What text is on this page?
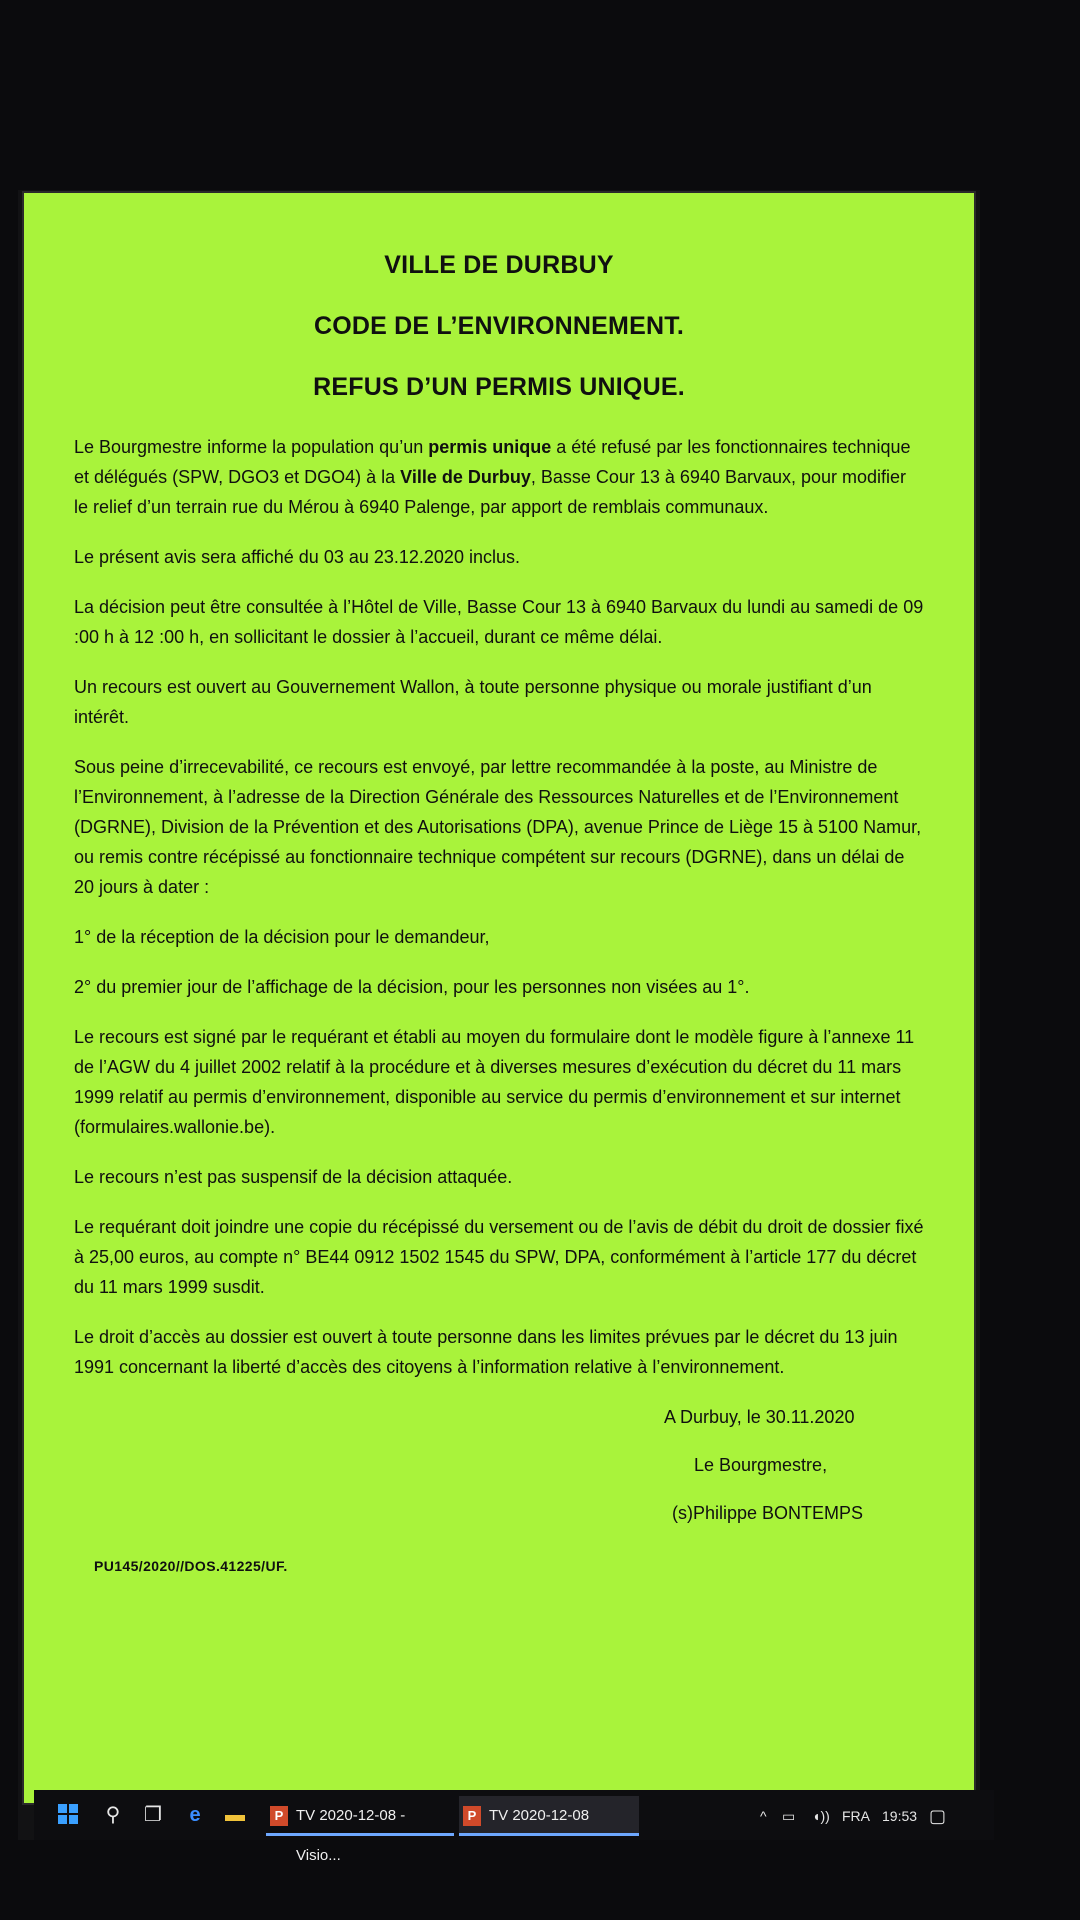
VILLE DE DURBUY

CODE DE L’ENVIRONNEMENT.

REFUS D’UN PERMIS UNIQUE.

Le Bourgmestre informe la population qu’un permis unique a été refusé par les fonctionnaires technique et délégués (SPW, DGO3 et DGO4) à la Ville de Durbuy, Basse Cour 13 à 6940 Barvaux, pour modifier le relief d’un terrain rue du Mérou à 6940 Palenge, par apport de remblais communaux.

Le présent avis sera affiché du 03 au 23.12.2020 inclus.

La décision peut être consultée à l’Hôtel de Ville, Basse Cour 13 à 6940 Barvaux du lundi au samedi de 09 :00 h à 12 :00 h, en sollicitant le dossier à l’accueil, durant ce même délai.

Un recours est ouvert au Gouvernement Wallon, à toute personne physique ou morale justifiant d’un intérêt.

Sous peine d’irrecevabilité, ce recours est envoyé, par lettre recommandée à la poste, au Ministre de l’Environnement, à l’adresse de la Direction Générale des Ressources Naturelles et de l’Environnement (DGRNE), Division de la Prévention et des Autorisations (DPA), avenue Prince de Liège 15 à 5100 Namur, ou remis contre récépissé au fonctionnaire technique compétent sur recours (DGRNE), dans un délai de 20 jours à dater :

1° de la réception de la décision pour le demandeur,

2° du premier jour de l’affichage de la décision, pour les personnes non visées au 1°.

Le recours est signé par le requérant et établi au moyen du formulaire dont le modèle figure à l’annexe 11 de l’AGW du 4 juillet 2002 relatif à la procédure et à diverses mesures d’exécution du décret du 11 mars 1999 relatif au permis d’environnement, disponible au service du permis d’environnement et sur internet (formulaires.wallonie.be).

Le recours n’est pas suspensif de la décision attaquée.

Le requérant doit joindre une copie du récépissé du versement ou de l’avis de débit du droit de dossier fixé à 25,00 euros, au compte n° BE44 0912 1502 1545 du SPW, DPA, conformément à l’article 177 du décret du 11 mars 1999 susdit.

Le droit d’accès au dossier est ouvert à toute personne dans les limites prévues par le décret du 13 juin 1991 concernant la liberté d’accès des citoyens à l’information relative à l’environnement.

A Durbuy, le 30.11.2020
Le Bourgmestre,
(s)Philippe BONTEMPS
PU145/2020//DOS.41225/UF.
⚲ ❐ e ▬	P TV 2020-12-08 - Visio...
P TV 2020-12-08	^ ▭ ◖)) FRA 19:53 ▢
